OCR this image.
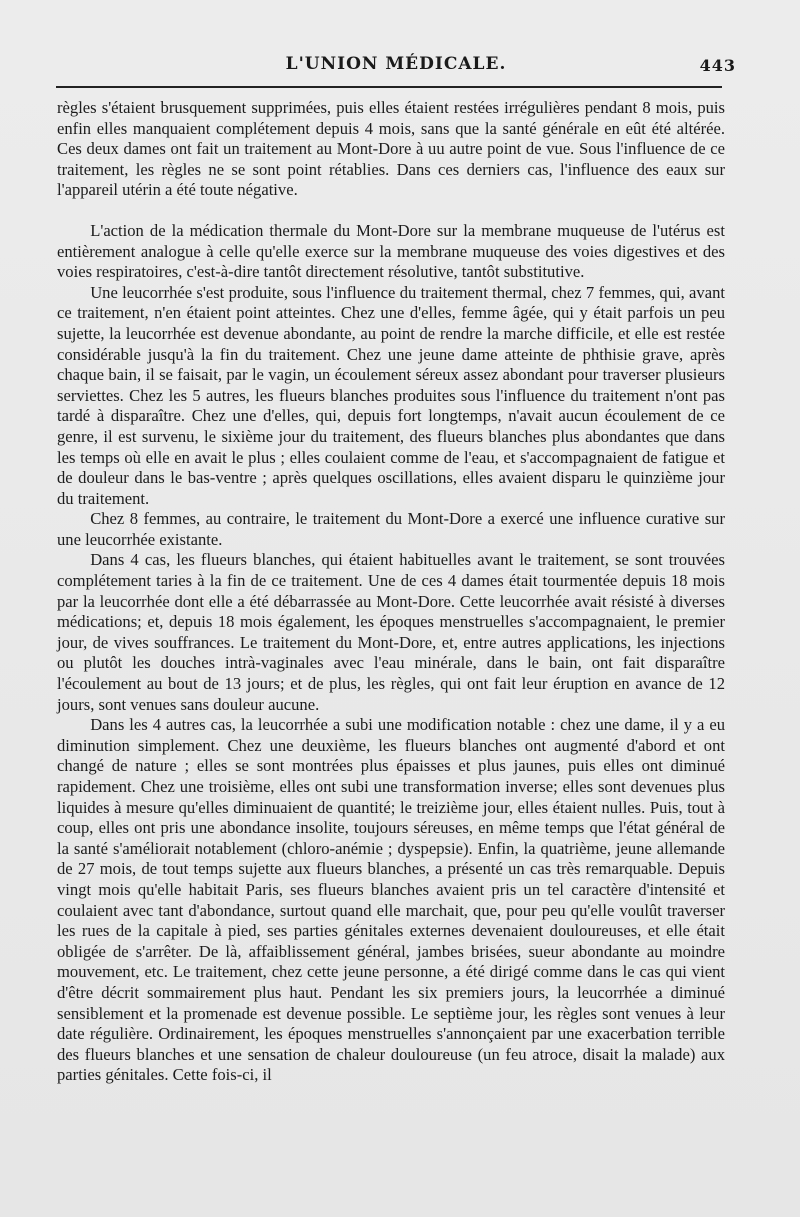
L'UNION MÉDICALE.	443

règles s'étaient brusquement supprimées, puis elles étaient restées irrégulières pendant 8 mois, puis enfin elles manquaient complétement depuis 4 mois, sans que la santé générale en eût été altérée. Ces deux dames ont fait un traitement au Mont-Dore à uu autre point de vue. Sous l'influence de ce traitement, les règles ne se sont point rétablies. Dans ces derniers cas, l'influence des eaux sur l'appareil utérin a été toute négative.

L'action de la médication thermale du Mont-Dore sur la membrane muqueuse de l'utérus est entièrement analogue à celle qu'elle exerce sur la membrane muqueuse des voies digestives et des voies respiratoires, c'est-à-dire tantôt directement résolutive, tantôt substitutive.

Une leucorrhée s'est produite, sous l'influence du traitement thermal, chez 7 femmes, qui, avant ce traitement, n'en étaient point atteintes. Chez une d'elles, femme âgée, qui y était parfois un peu sujette, la leucorrhée est devenue abondante, au point de rendre la marche difficile, et elle est restée considérable jusqu'à la fin du traitement. Chez une jeune dame atteinte de phthisie grave, après chaque bain, il se faisait, par le vagin, un écoulement séreux assez abondant pour traverser plusieurs serviettes. Chez les 5 autres, les flueurs blanches produites sous l'influence du traitement n'ont pas tardé à disparaître. Chez une d'elles, qui, depuis fort longtemps, n'avait aucun écoulement de ce genre, il est survenu, le sixième jour du traitement, des flueurs blanches plus abondantes que dans les temps où elle en avait le plus ; elles coulaient comme de l'eau, et s'accompagnaient de fatigue et de douleur dans le bas-ventre ; après quelques oscillations, elles avaient disparu le quinzième jour du traitement.

Chez 8 femmes, au contraire, le traitement du Mont-Dore a exercé une influence curative sur une leucorrhée existante.

Dans 4 cas, les flueurs blanches, qui étaient habituelles avant le traitement, se sont trouvées complétement taries à la fin de ce traitement. Une de ces 4 dames était tourmentée depuis 18 mois par la leucorrhée dont elle a été débarrassée au Mont-Dore. Cette leucorrhée avait résisté à diverses médications; et, depuis 18 mois également, les époques menstruelles s'accompagnaient, le premier jour, de vives souffrances. Le traitement du Mont-Dore, et, entre autres applications, les injections ou plutôt les douches intrà-vaginales avec l'eau minérale, dans le bain, ont fait disparaître l'écoulement au bout de 13 jours; et de plus, les règles, qui ont fait leur éruption en avance de 12 jours, sont venues sans douleur aucune.

Dans les 4 autres cas, la leucorrhée a subi une modification notable : chez une dame, il y a eu diminution simplement. Chez une deuxième, les flueurs blanches ont augmenté d'abord et ont changé de nature ; elles se sont montrées plus épaisses et plus jaunes, puis elles ont diminué rapidement. Chez une troisième, elles ont subi une transformation inverse; elles sont devenues plus liquides à mesure qu'elles diminuaient de quantité; le treizième jour, elles étaient nulles. Puis, tout à coup, elles ont pris une abondance insolite, toujours séreuses, en même temps que l'état général de la santé s'améliorait notablement (chloro-anémie ; dyspepsie). Enfin, la quatrième, jeune allemande de 27 mois, de tout temps sujette aux flueurs blanches, a présenté un cas très remarquable. Depuis vingt mois qu'elle habitait Paris, ses flueurs blanches avaient pris un tel caractère d'intensité et coulaient avec tant d'abondance, surtout quand elle marchait, que, pour peu qu'elle voulût traverser les rues de la capitale à pied, ses parties génitales externes devenaient douloureuses, et elle était obligée de s'arrêter. De là, affaiblissement général, jambes brisées, sueur abondante au moindre mouvement, etc. Le traitement, chez cette jeune personne, a été dirigé comme dans le cas qui vient d'être décrit sommairement plus haut. Pendant les six premiers jours, la leucorrhée a diminué sensiblement et la promenade est devenue possible. Le septième jour, les règles sont venues à leur date régulière. Ordinairement, les époques menstruelles s'annonçaient par une exacerbation terrible des flueurs blanches et une sensation de chaleur douloureuse (un feu atroce, disait la malade) aux parties génitales. Cette fois-ci, il
